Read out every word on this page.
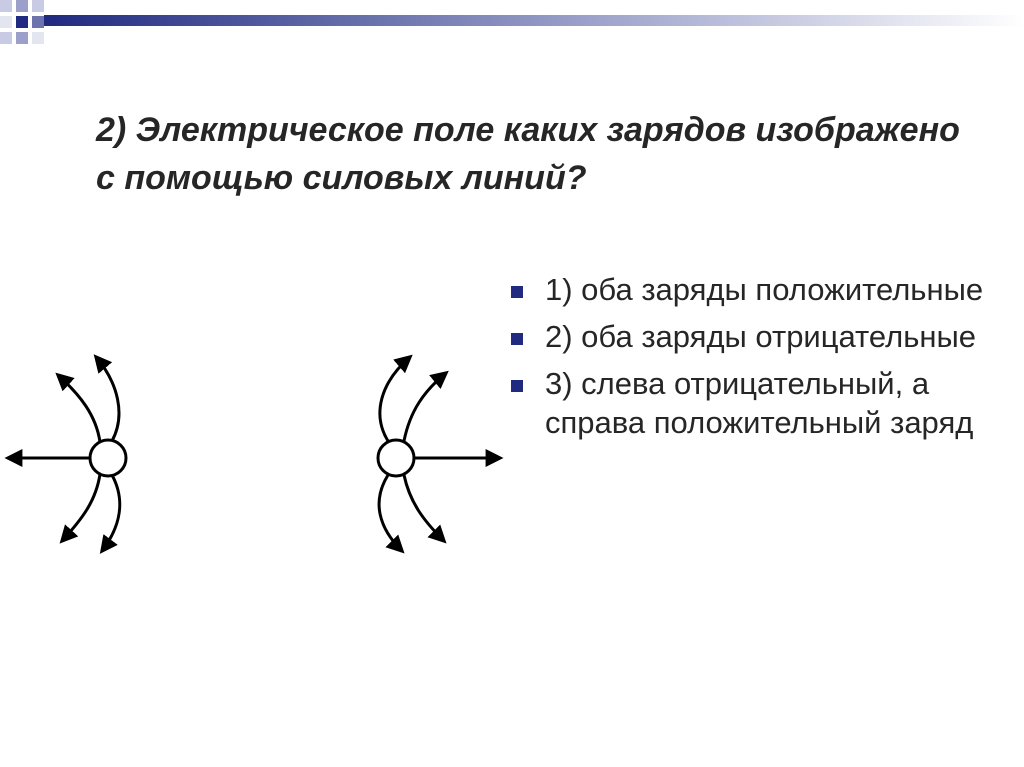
2) Электрическое поле каких зарядов изображено с помощью силовых линий?
1) оба заряды положительные
2) оба заряды отрицательные
3) слева отрицательный, а справа положительный заряд
